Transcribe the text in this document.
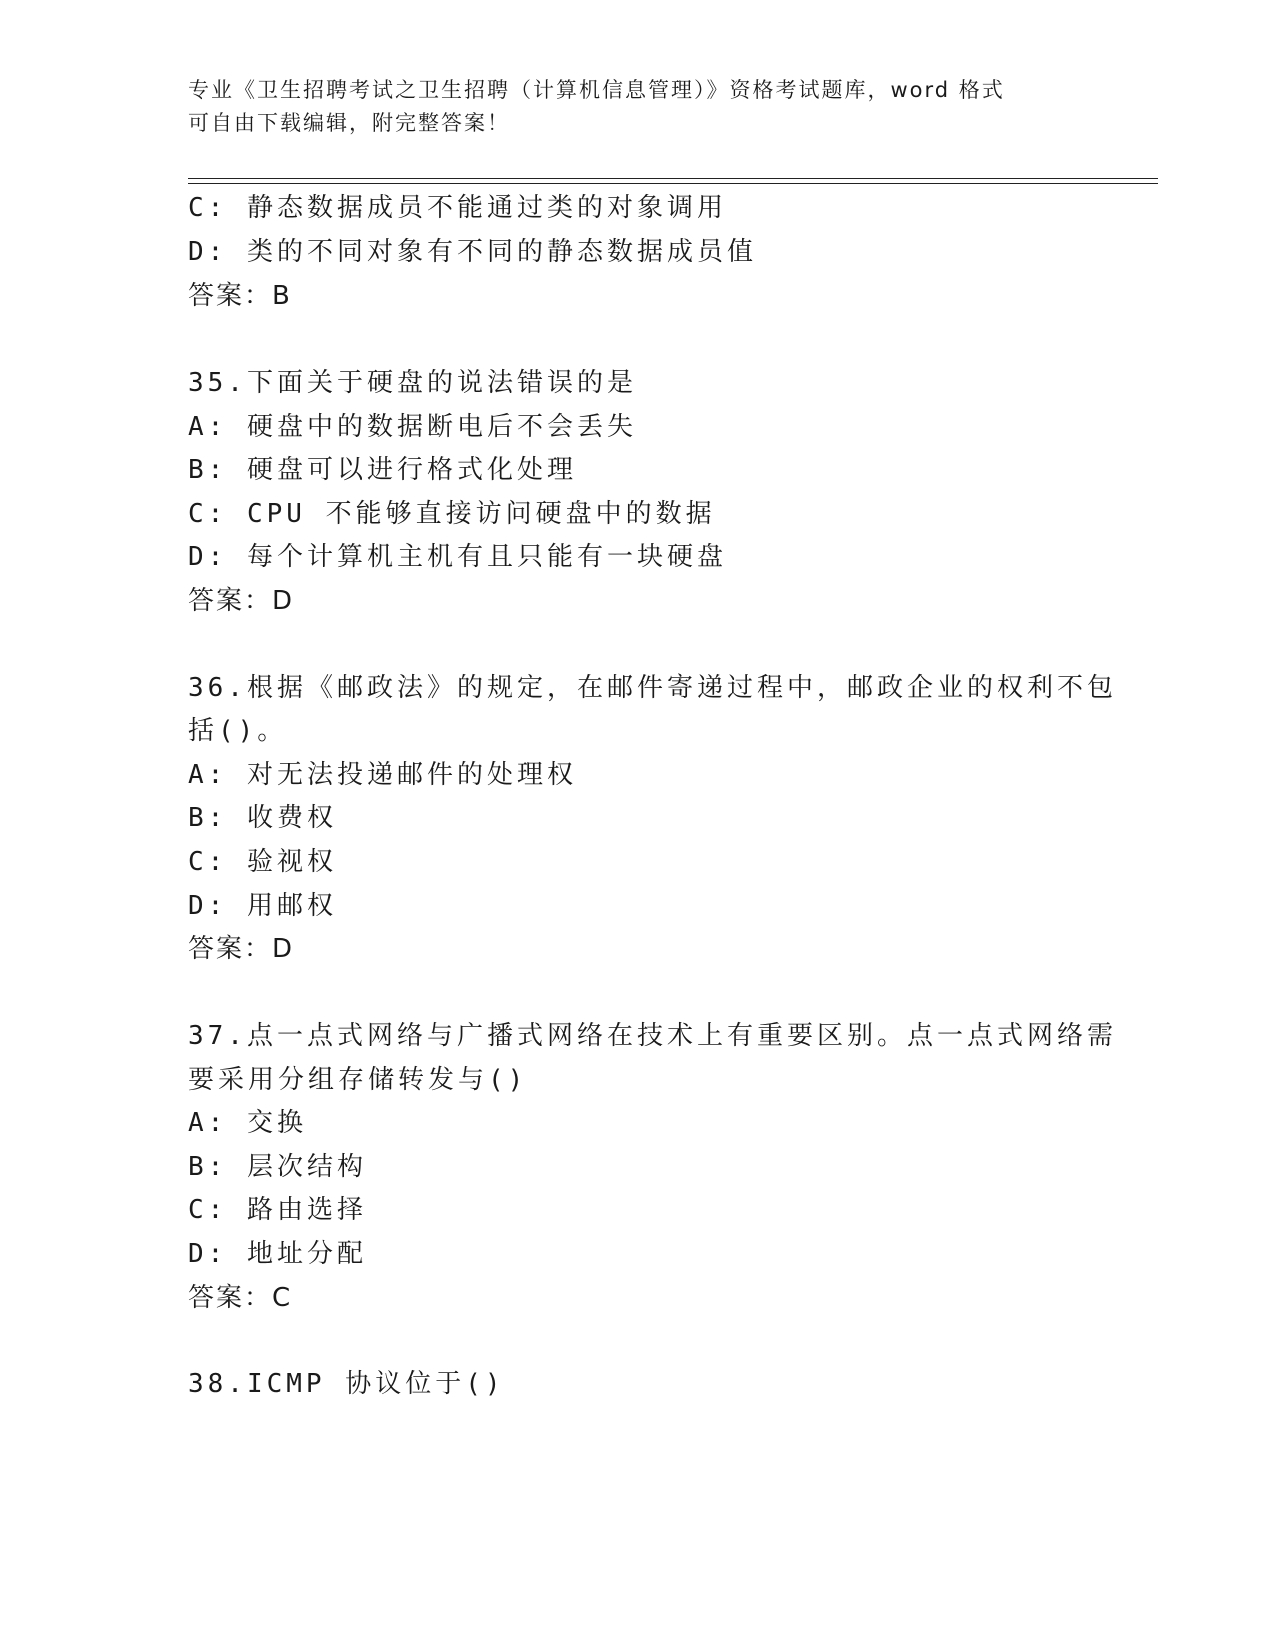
专业《卫生招聘考试之卫生招聘（计算机信息管理）》资格考试题库，word 格式
可自由下载编辑，附完整答案！
C: 静态数据成员不能通过类的对象调用
D: 类的不同对象有不同的静态数据成员值
答案：B
35.下面关于硬盘的说法错误的是
A: 硬盘中的数据断电后不会丢失
B: 硬盘可以进行格式化处理
C: CPU 不能够直接访问硬盘中的数据
D: 每个计算机主机有且只能有一块硬盘
答案：D
36.根据《邮政法》的规定，在邮件寄递过程中，邮政企业的权利不包
括()。
A: 对无法投递邮件的处理权
B: 收费权
C: 验视权
D: 用邮权
答案：D
37.点一点式网络与广播式网络在技术上有重要区别。点一点式网络需
要采用分组存储转发与()
A: 交换
B: 层次结构
C: 路由选择
D: 地址分配
答案：C
38.ICMP 协议位于()
